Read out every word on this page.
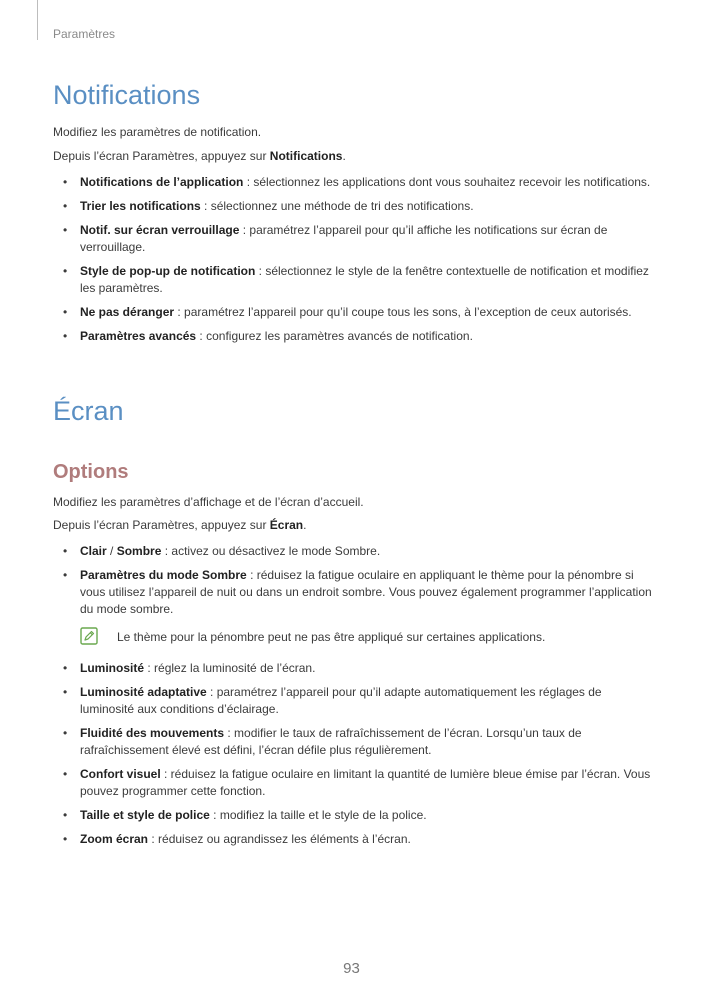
Paramètres
Notifications

Modifiez les paramètres de notification.

Depuis l’écran Paramètres, appuyez sur Notifications.

• Notifications de l’application : sélectionnez les applications dont vous souhaitez recevoir les notifications.
• Trier les notifications : sélectionnez une méthode de tri des notifications.
• Notif. sur écran verrouillage : paramétrez l’appareil pour qu’il affiche les notifications sur écran de verrouillage.
• Style de pop-up de notification : sélectionnez le style de la fenêtre contextuelle de notification et modifiez les paramètres.
• Ne pas déranger : paramétrez l’appareil pour qu’il coupe tous les sons, à l’exception de ceux autorisés.
• Paramètres avancés : configurez les paramètres avancés de notification.
Écran
Options

Modifiez les paramètres d’affichage et de l’écran d’accueil.

Depuis l’écran Paramètres, appuyez sur Écran.

• Clair / Sombre : activez ou désactivez le mode Sombre.
• Paramètres du mode Sombre : réduisez la fatigue oculaire en appliquant le thème pour la pénombre si vous utilisez l’appareil de nuit ou dans un endroit sombre. Vous pouvez également programmer l’application du mode sombre.
Le thème pour la pénombre peut ne pas être appliqué sur certaines applications.
• Luminosité : réglez la luminosité de l’écran.
• Luminosité adaptative : paramétrez l’appareil pour qu’il adapte automatiquement les réglages de luminosité aux conditions d’éclairage.
• Fluidité des mouvements : modifier le taux de rafraîchissement de l’écran. Lorsqu’un taux de rafraîchissement élevé est défini, l’écran défile plus régulièrement.
• Confort visuel : réduisez la fatigue oculaire en limitant la quantité de lumière bleue émise par l’écran. Vous pouvez programmer cette fonction.
• Taille et style de police : modifiez la taille et le style de la police.
• Zoom écran : réduisez ou agrandissez les éléments à l’écran.
93
